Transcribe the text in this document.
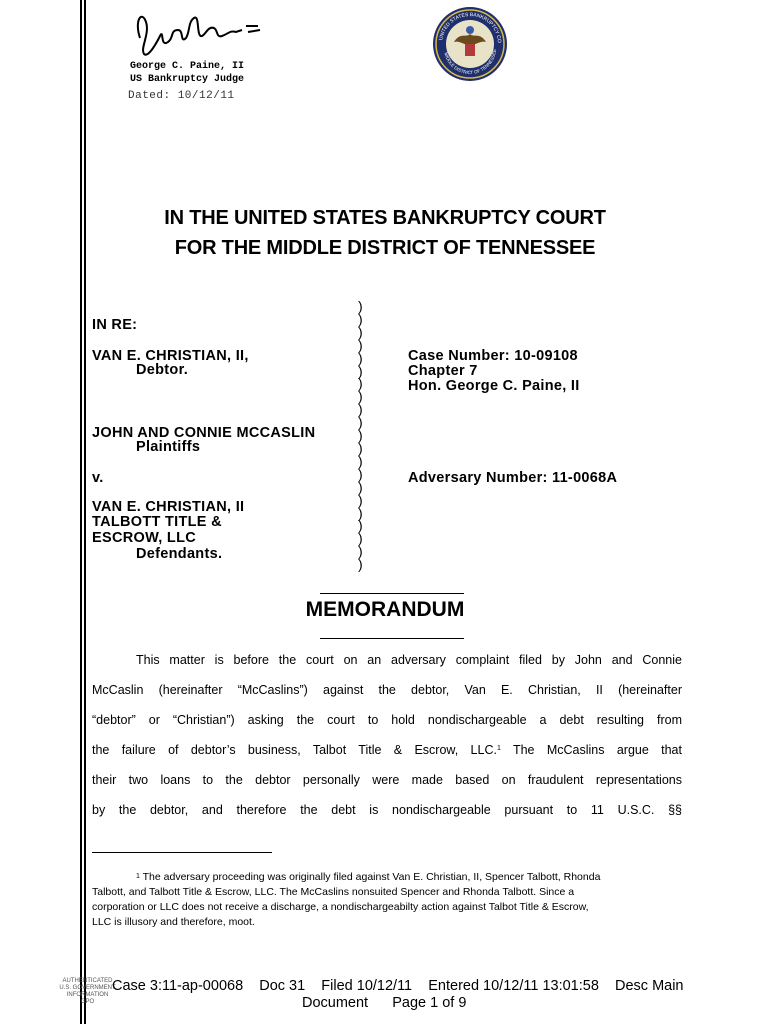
George C. Paine, II
US Bankruptcy Judge
Dated: 10/12/11
UNITED STATES BANKRUPTCY CO
MIDDLE DISTRICT OF TENNESSEE
IN THE UNITED STATES BANKRUPTCY COURT
FOR THE MIDDLE DISTRICT OF TENNESSEE
)
)
)
)
)
)
)
)
)
)
)
)
)
)
)
)
)
)
)
)
)
IN RE:
VAN E. CHRISTIAN, II,
Debtor.
Case Number: 10-09108
Chapter 7
Hon. George C. Paine, II
JOHN AND CONNIE MCCASLIN
Plaintiffs
v.	Adversary Number: 11-0068A
VAN E. CHRISTIAN, II
TALBOTT TITLE &
ESCROW, LLC
Defendants.
MEMORANDUM
This matter is before the court on an adversary complaint filed by John and Connie
McCaslin (hereinafter “McCaslins”) against the debtor, Van E. Christian, II (hereinafter
“debtor” or “Christian”) asking the court to hold nondischargeable a debt resulting from
the failure of debtor’s business, Talbot Title & Escrow, LLC.$^1$ The McCaslins argue that
their two loans to the debtor personally were made based on fraudulent representations
by the debtor, and therefore the debt is nondischargeable pursuant to 11 U.S.C. §§
$^1$ The adversary proceeding was originally filed against Van E. Christian, II, Spencer Talbott, Rhonda
Talbott, and Talbott Title & Escrow, LLC. The McCaslins nonsuited Spencer and Rhonda Talbott. Since a
corporation or LLC does not receive a discharge, a nondischargeabilty action against Talbot Title & Escrow,
LLC is illusory and therefore, moot.
AUTHENTICATED
U.S. GOVERNMENT
INFORMATION
GPO
Case 3:11-ap-00068    Doc 31    Filed 10/12/11    Entered 10/12/11 13:01:58    Desc Main
Document      Page 1 of 9
